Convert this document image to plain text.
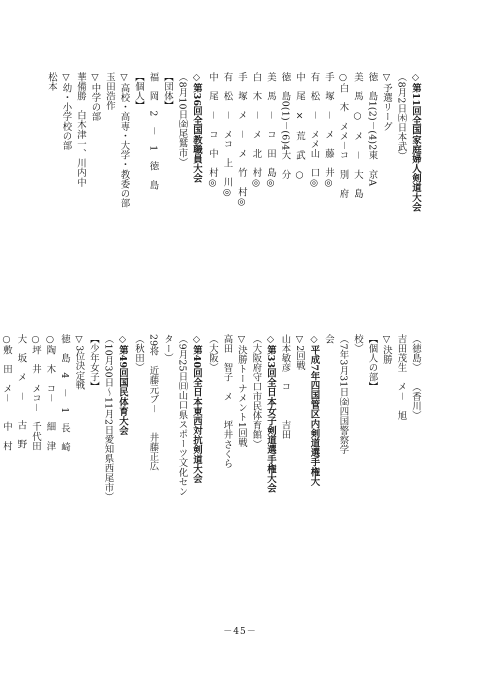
◇第11回全国家庭婦人剣道大会
（8月2日㈭日本武）
▽予選リーグ
徳　島1(2)－(4)2東　京A
美　馬　○　メ　－　大　島
○白　木　メメ－コ　別　府
手　塚　－　メ　藤　井◎
有　松　－　メメ山　口◎
中　尾　×　荒　武　○
徳　島0(1)－(6)4大　分
美　馬　－　コ　田　島◎
白　木　－　メ　北　村◎
手　塚　メ　－　メ　竹　村◎
有　松　－　メコ　上　川◎
中　尾　－　コ　中　村◎
◇第36回全国教職員大会
（8月10日㈮尾鷲市）
【団体】
福　岡　2　－　1　徳　島
【個人】
▽高校・高専・大学・教委の部
玉田浩作
▽中学の部
華備勝　白木津一、川内中
▽幼・小学校の部
松本
（徳島）　　（香川）
吉田茂生　メ－　旭
▽決勝
【個人の部】
校）
（7年3月31日㈮四国警察学
会
◇平成7年四国管区内剣道選手権大
▽2回戦
山本敏彦　コ　　　吉田
◇第33回全日本女子剣道選手権大会
（大阪府守口市民体育館）
▽決勝トーナメント1回戦
高田　智子　メ　　坪井さくら
（大阪）
◇第40回全日本東西対抗剣道大会
（9月25日㈰山口県スポーツ文化セン
ター）
29将　近藤元ブ－　　井藤正広
（秋田）
◇第49回国民体育大会
（10月30日～11月2日愛知県西尾市）
【少年女子】
▽3位決定戦
徳　島　4　－　1　長　崎
○陶　木　コ－　　細　津
○坪　井　メコ－　千代田
大　坂　メ　－　　古　野
○敷　田　メ－　　中　村
－45－
